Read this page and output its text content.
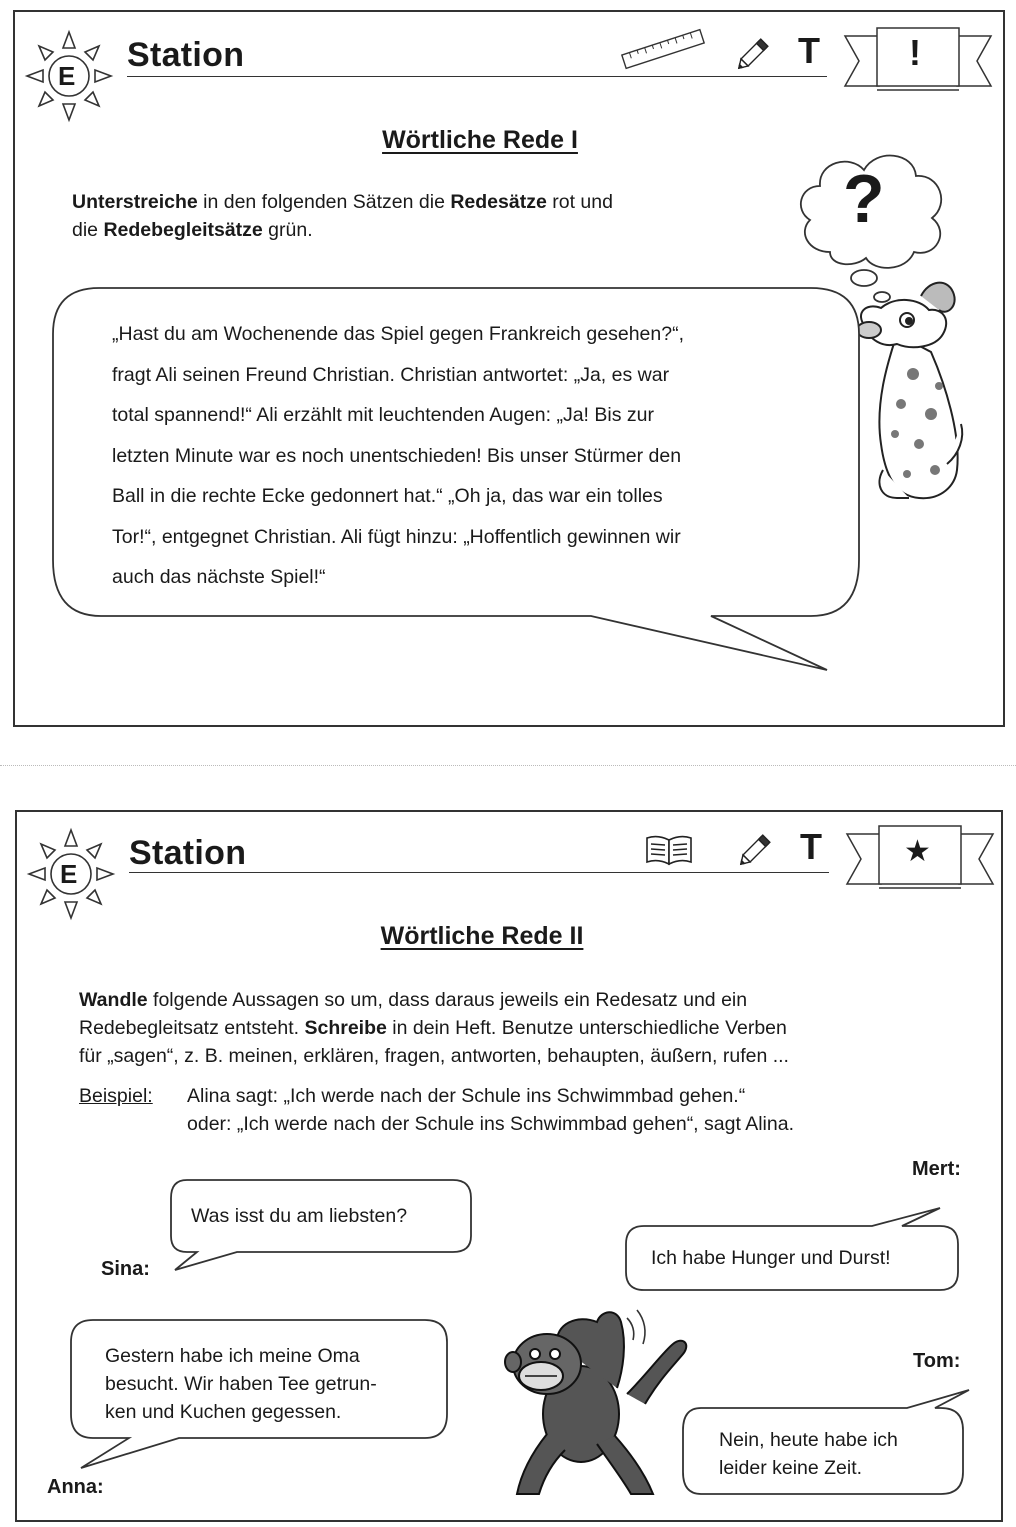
E
Station	T !
Wörtliche Rede I
Unterstreiche in den folgenden Sätzen die Redesätze rot und
die Redebegleitsätze grün.	?
„Hast du am Wochenende das Spiel gegen Frankreich gesehen?“,
fragt Ali seinen Freund Christian. Christian antwortet: „Ja, es war
total spannend!“ Ali erzählt mit leuchtenden Augen: „Ja! Bis zur
letzten Minute war es noch unentschieden! Bis unser Stürmer den
Ball in die rechte Ecke gedonnert hat.“ „Oh ja, das war ein tolles
Tor!“, entgegnet Christian. Ali fügt hinzu: „Hoffentlich gewinnen wir
auch das nächste Spiel!“
E
Station	T	★
Wörtliche Rede II
Wandle folgende Aussagen so um, dass daraus jeweils ein Redesatz und ein
Redebegleitsatz entsteht. Schreibe in dein Heft. Benutze unterschiedliche Verben
für „sagen“, z. B. meinen, erklären, fragen, antworten, behaupten, äußern, rufen ...
Beispiel: Alina sagt: „Ich werde nach der Schule ins Schwimmbad gehen.“
oder: „Ich werde nach der Schule ins Schwimmbad gehen“, sagt Alina.
Was isst du am liebsten?
Sina:
Mert:
Ich habe Hunger und Durst!
Gestern habe ich meine Oma
besucht. Wir haben Tee getrun-
ken und Kuchen gegessen.
Anna:
Tom:
Nein, heute habe ich
leider keine Zeit.
